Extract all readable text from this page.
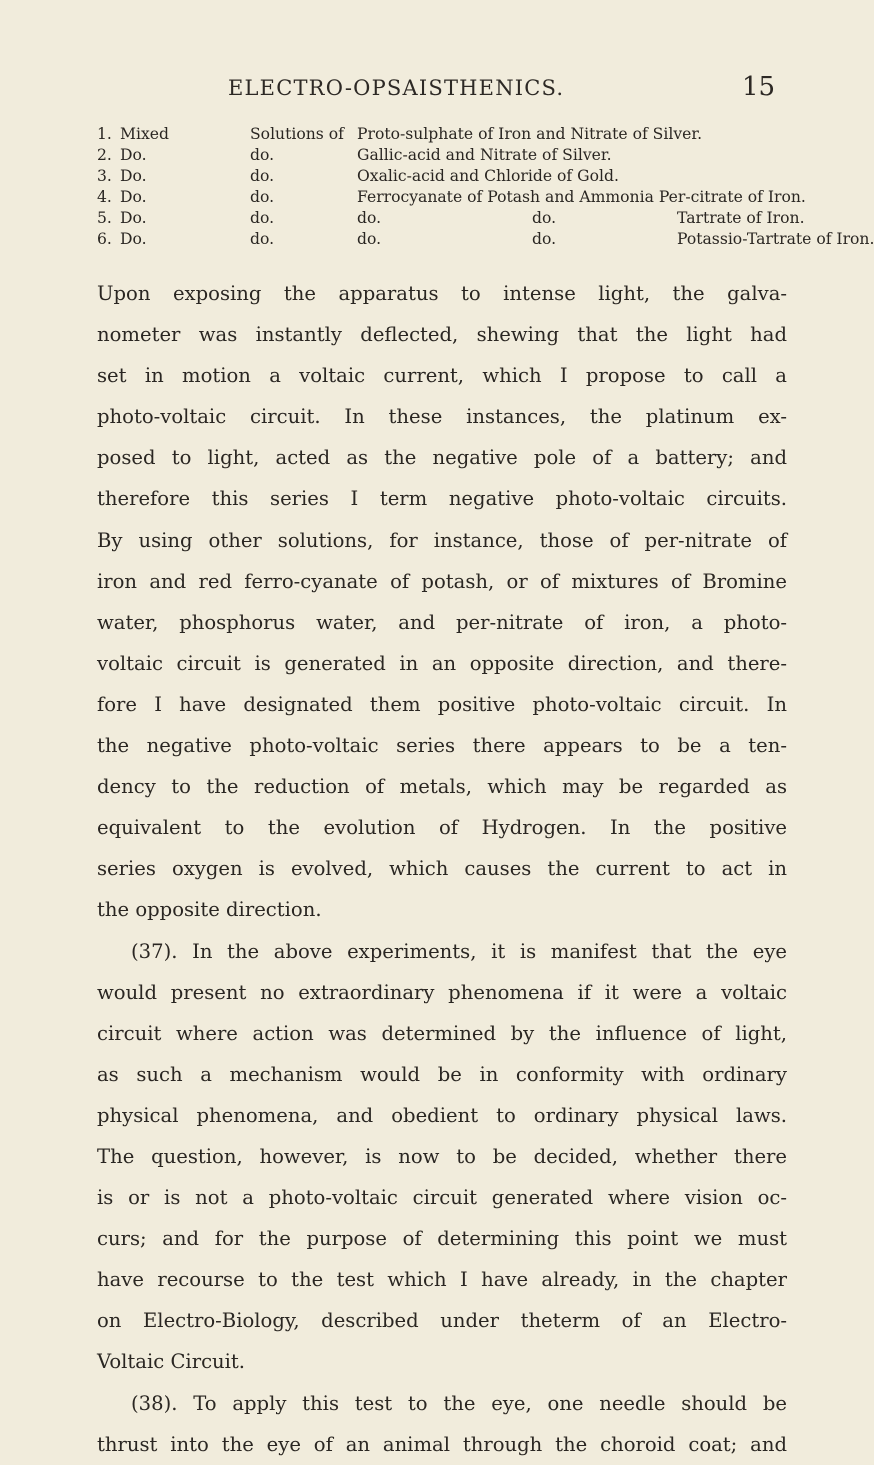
ELECTRO-OPSAISTHENICS.	15
1. Mixed	Solutions of Proto-sulphate of Iron and Nitrate of Silver.
2. Do.	do.	Gallic-acid and Nitrate of Silver.
3. Do.	do.	Oxalic-acid and Chloride of Gold.
4. Do.	do.	Ferrocyanate of Potash and Ammonia Per-citrate of Iron.
5. Do.	do.	do.	do.	Tartrate of Iron.
6. Do.	do.	do.	do.	Potassio-Tartrate of Iron.
Upon exposing the apparatus to intense light, the galva-
nometer was instantly deflected, shewing that the light had
set in motion a voltaic current, which I propose to call a
photo-voltaic circuit. In these instances, the platinum ex-
posed to light, acted as the negative pole of a battery; and
therefore this series I term negative photo-voltaic circuits.
By using other solutions, for instance, those of per-nitrate of
iron and red ferro-cyanate of potash, or of mixtures of Bromine
water, phosphorus water, and per-nitrate of iron, a photo-
voltaic circuit is generated in an opposite direction, and there-
fore I have designated them positive photo-voltaic circuit. In
the negative photo-voltaic series there appears to be a ten-
dency to the reduction of metals, which may be regarded as
equivalent to the evolution of Hydrogen. In the positive
series oxygen is evolved, which causes the current to act in
the opposite direction.
(37). In the above experiments, it is manifest that the eye
would present no extraordinary phenomena if it were a voltaic
circuit where action was determined by the influence of light,
as such a mechanism would be in conformity with ordinary
physical phenomena, and obedient to ordinary physical laws.
The question, however, is now to be decided, whether there
is or is not a photo-voltaic circuit generated where vision oc-
curs; and for the purpose of determining this point we must
have recourse to the test which I have already, in the chapter
on Electro-Biology, described under theterm of an Electro-
Voltaic Circuit.
(38). To apply this test to the eye, one needle should be
thrust into the eye of an animal through the choroid coat; and
